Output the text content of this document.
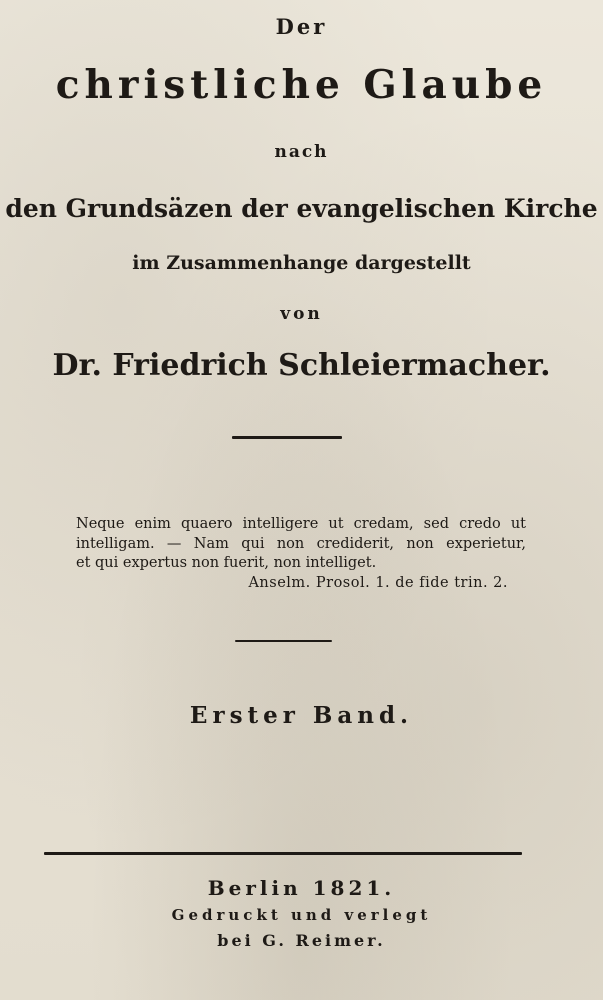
Der

christliche Glaube

nach

den Grundsäzen der evangelischen Kirche

im Zusammenhange dargestellt

von

Dr. Friedrich Schleiermacher.

Neque enim quaero intelligere ut credam, sed credo ut
intelligam. — Nam qui non crediderit, non experietur,
et qui expertus non fuerit, non intelliget.
Anselm. Prosol. 1. de fide trin. 2.

Erster Band.

Berlin 1821.

Gedruckt und verlegt

bei G. Reimer.
